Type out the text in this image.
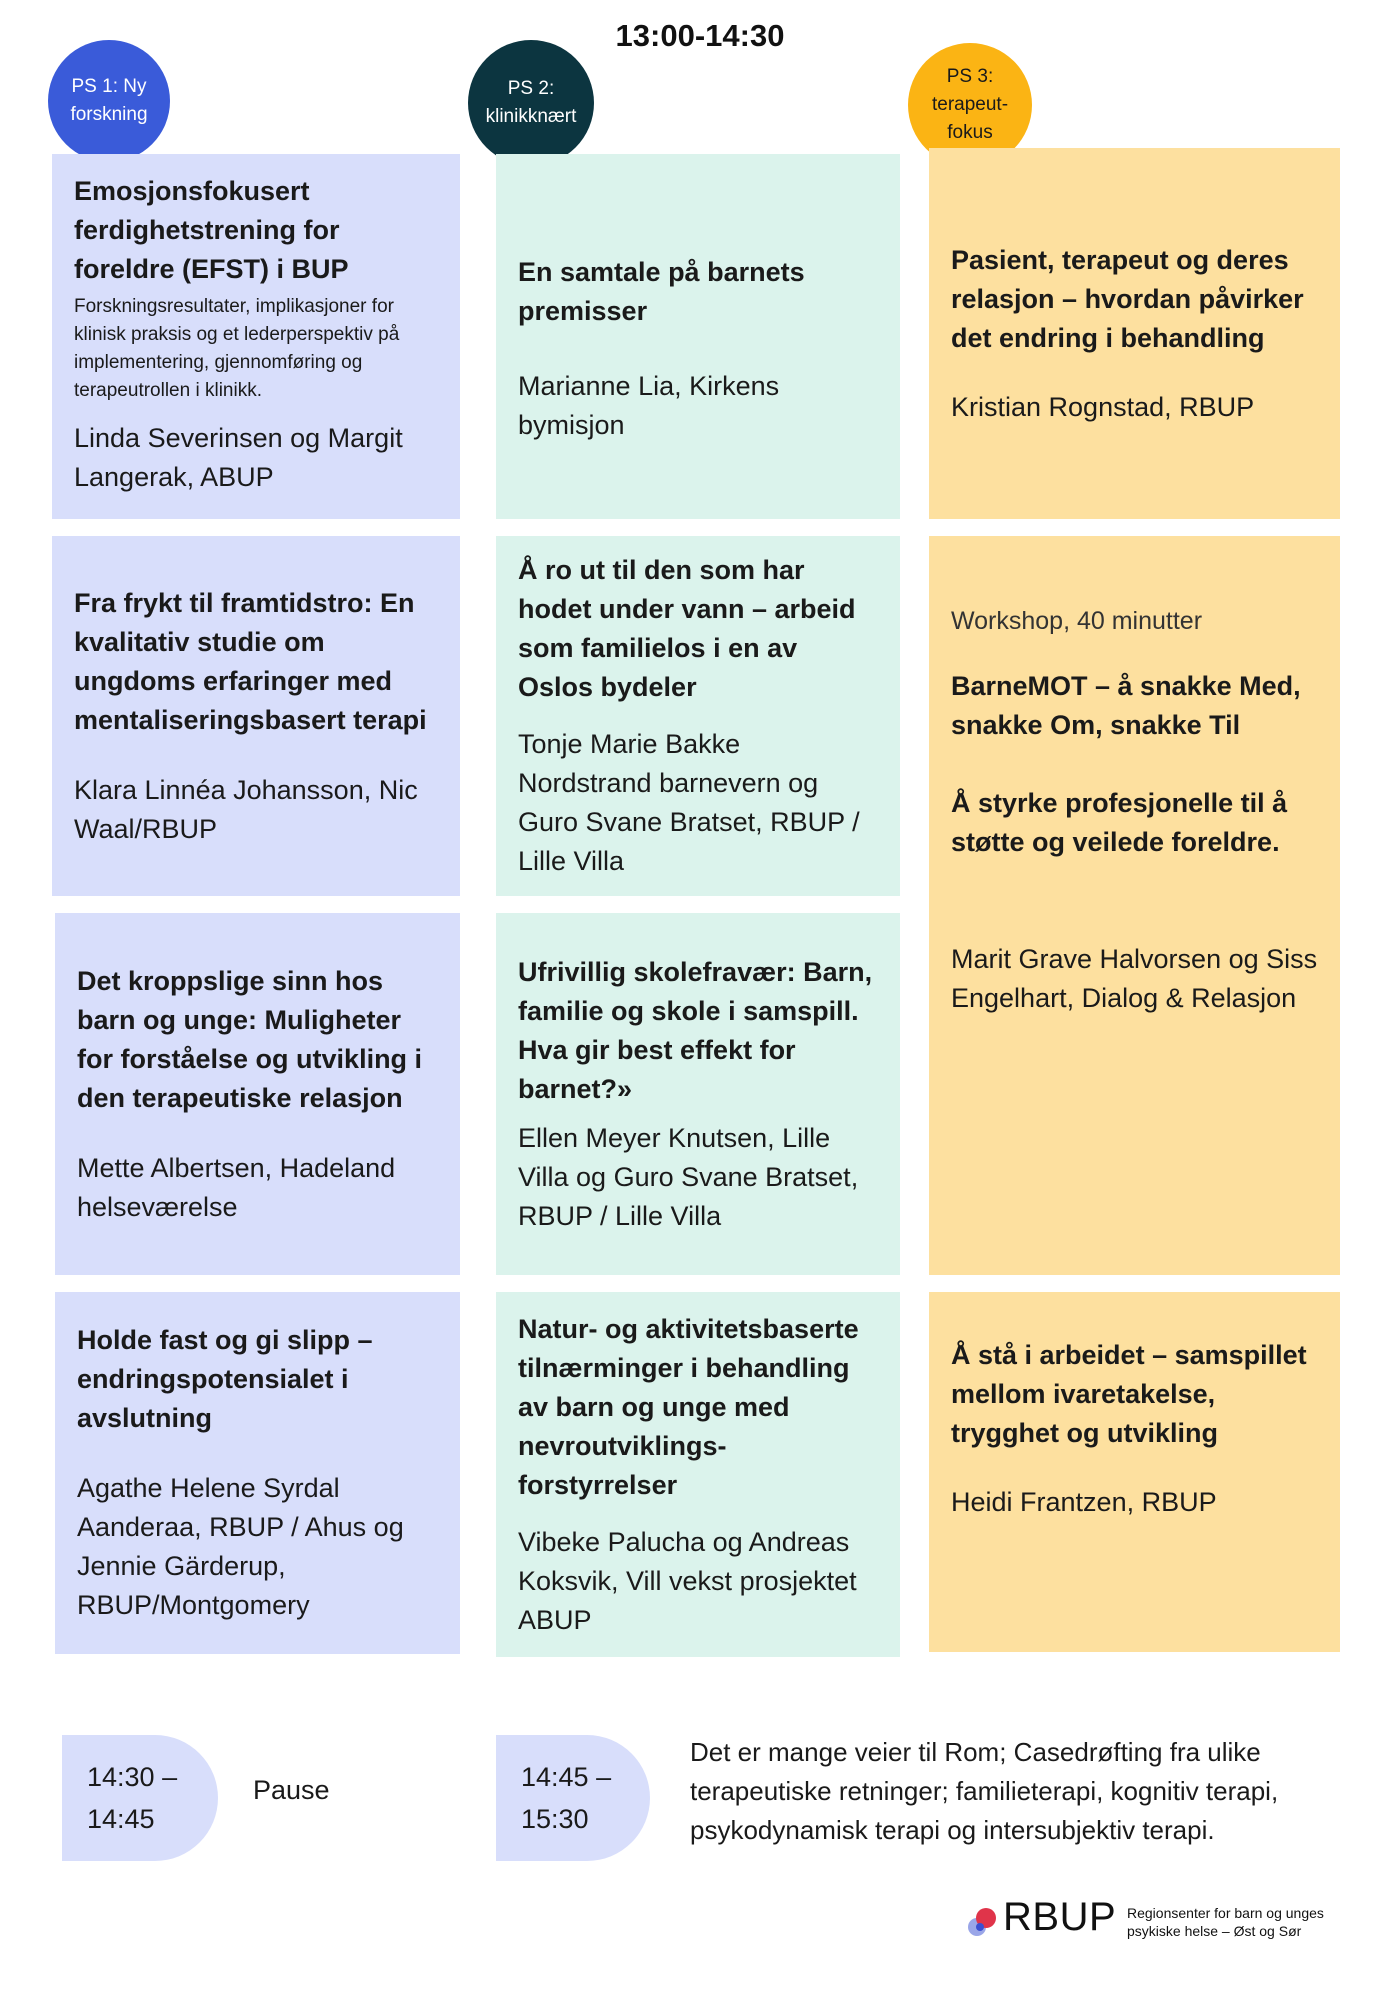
13:00-14:30
PS 1: Ny
forskning
PS 2:
klinikknært
PS 3:
terapeut-
fokus
Emosjonsfokusert ferdighetstrening for foreldre (EFST) i BUP
Forskningsresultater, implikasjoner for klinisk praksis og et lederperspektiv på implementering, gjennomføring og terapeutrollen i klinikk.
Linda Severinsen og Margit Langerak, ABUP
Fra frykt til framtidstro: En kvalitativ studie om ungdoms erfaringer med mentaliseringsbasert terapi
Klara Linnéa Johansson, Nic Waal/RBUP
Det kroppslige sinn hos barn og unge: Muligheter for forståelse og utvikling i den terapeutiske relasjon
Mette Albertsen, Hadeland helseværelse
Holde fast og gi slipp – endringspotensialet i avslutning
Agathe Helene Syrdal Aanderaa, RBUP / Ahus og Jennie Gärderup, RBUP/Montgomery
En samtale på barnets premisser
Marianne Lia, Kirkens bymisjon
Å ro ut til den som har hodet under vann – arbeid som familielos i en av Oslos bydeler
Tonje Marie Bakke Nordstrand barnevern og Guro Svane Bratset, RBUP / Lille Villa
Ufrivillig skolefravær: Barn, familie og skole i samspill. Hva gir best effekt for barnet?»
Ellen Meyer Knutsen, Lille Villa og Guro Svane Bratset, RBUP / Lille Villa
Natur- og aktivitetsbaserte tilnærminger i behandling av barn og unge med nevroutviklings-forstyrrelser
Vibeke Palucha og Andreas Koksvik, Vill vekst prosjektet ABUP
Pasient, terapeut og deres relasjon – hvordan påvirker det endring i behandling
Kristian Rognstad, RBUP
Workshop, 40 minutter
BarneMOT – å snakke Med, snakke Om, snakke Til
Å styrke profesjonelle til å støtte og veilede foreldre.
Marit Grave Halvorsen og Siss Engelhart, Dialog & Relasjon
Å stå i arbeidet – samspillet mellom ivaretakelse, trygghet og utvikling
Heidi Frantzen, RBUP
14:30 –
14:45
Pause	14:45 –
15:30
Det er mange veier til Rom; Casedrøfting fra ulike terapeutiske retninger; familieterapi, kognitiv terapi, psykodynamisk terapi og intersubjektiv terapi.
RBUP Regionsenter for barn og unges psykiske helse – Øst og Sør
